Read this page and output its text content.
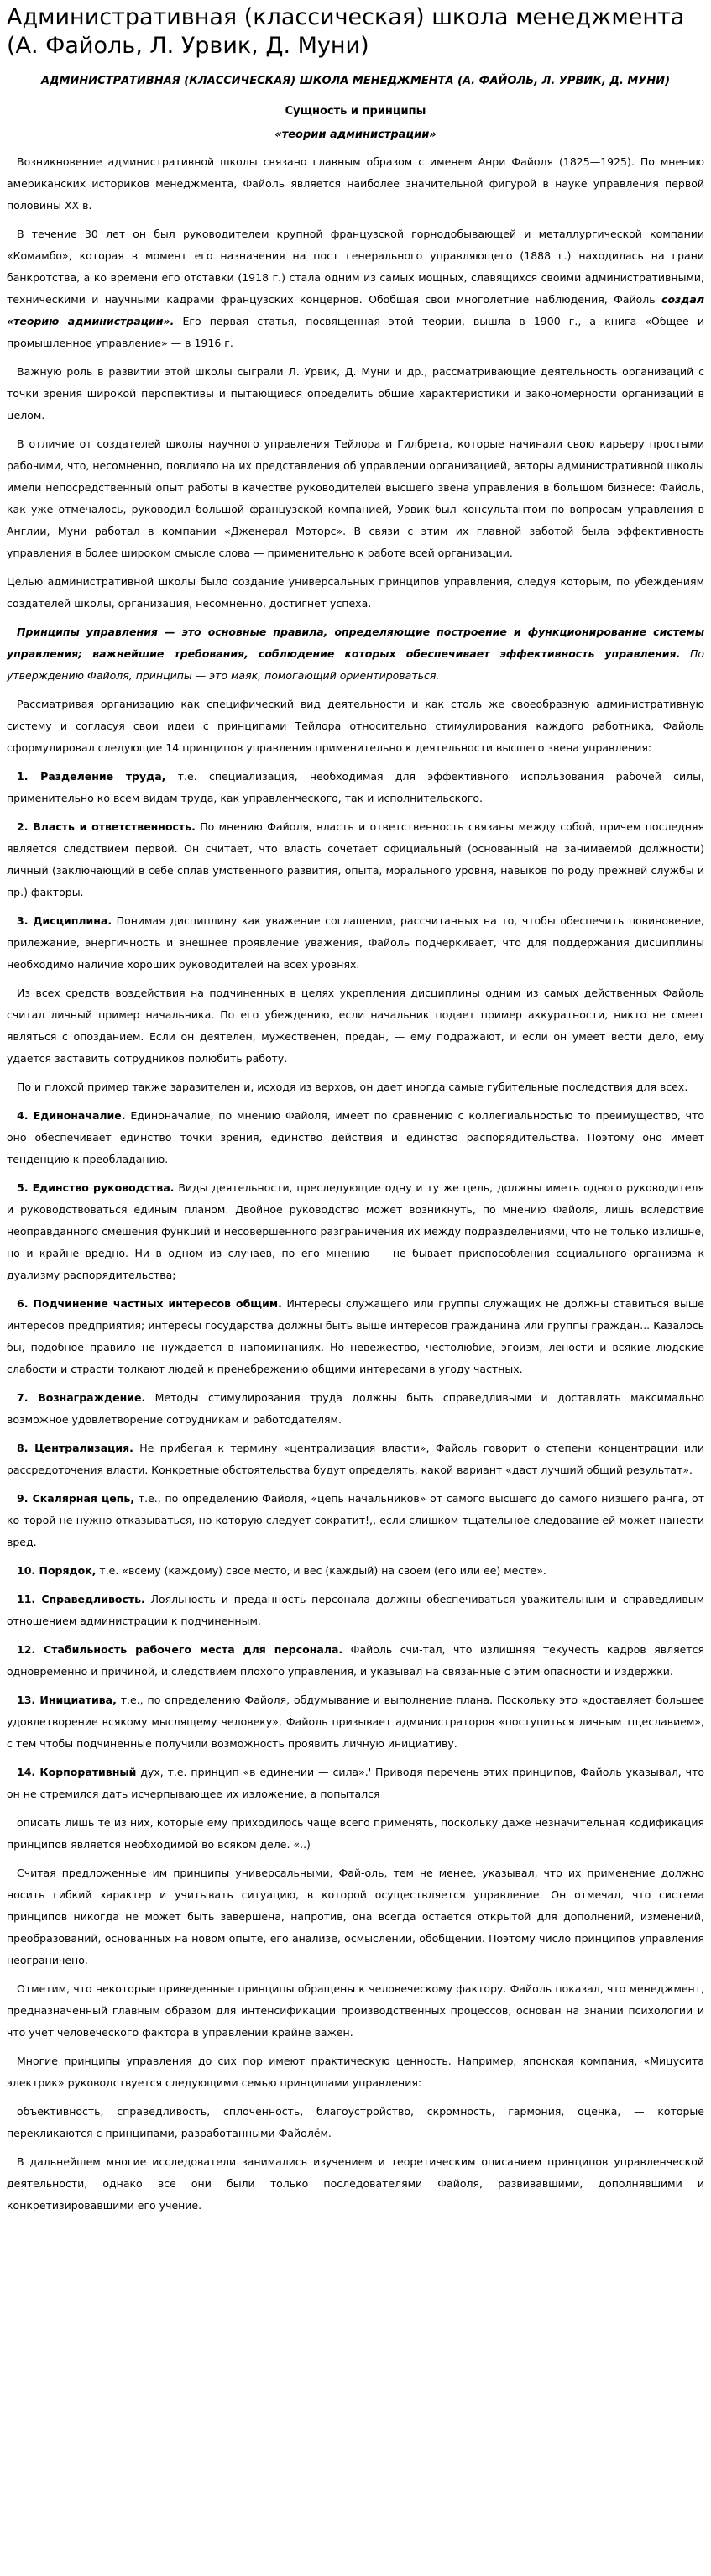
Административная (классическая) школа менеджмента (А. Файоль, Л. Урвик, Д. Муни)
АДМИНИСТРАТИВНАЯ (КЛАССИЧЕСКАЯ) ШКОЛА МЕНЕДЖМЕНТА (А. ФАЙОЛЬ, Л. УРВИК, Д. МУНИ)
Сущность и принципы
«теории администрации»

Возникновение административной школы связано главным образом с именем Анри Файоля (1825—1925). По мнению американских историков менеджмента, Файоль является наиболее значительной фигурой в науке управления первой половины XX в.

В течение 30 лет он был руководителем крупной французской горнодобывающей и металлургической компании «Комамбо», которая в момент его назначения на пост генерального управляющего (1888 г.) находилась на грани банкротства, а ко времени его отставки (1918 г.) стала одним из самых мощных, славящихся своими административными, техническими и научными кадрами французских концернов. Обобщая свои многолетние наблюдения, Файоль создал «теорию администрации». Его первая статья, посвященная этой теории, вышла в 1900 г., а книга «Общее и промышленное управление» — в 1916 г.

Важную роль в развитии этой школы сыграли Л. Урвик, Д. Муни и др., рассматривающие деятельность организаций с точки зрения широкой перспективы и пытающиеся определить общие характеристики и закономерности организаций в целом.

В отличие от создателей школы научного управления Тейлора и Гилбрета, которые начинали свою карьеру простыми рабочими, что, несомненно, повлияло на их представления об управлении организацией, авторы административной школы имели непосредственный опыт работы в качестве руководителей высшего звена управления в большом бизнесе: Файоль, как уже отмечалось, руководил большой французской компанией, Урвик был консультантом по вопросам управления в Англии, Муни работал в компании «Дженерал Моторс». В связи с этим их главной заботой была эффективность управления в более широком смысле слова — применительно к работе всей организации.

Целью административной школы было создание универсальных принципов управления, следуя которым, по убеждениям создателей школы, организация, несомненно, достигнет успеха.

Принципы управления — это основные правила, определяющие построение и функционирование системы управления; важнейшие требования, соблюдение которых обеспечивает эффективность управления. По утверждению Файоля, принципы — это маяк, помогающий ориентироваться.

Рассматривая организацию как специфический вид деятельности и как столь же своеобразную административную систему и согласуя свои идеи с принципами Тейлора относительно стимулирования каждого работника, Файоль сформулировал следующие 14 принципов управления применительно к деятельности высшего звена управления:

1. Разделение труда, т.е. специализация, необходимая для эффективного использования рабочей силы, применительно ко всем видам труда, как управленческого, так и исполнительского.

2. Власть и ответственность. По мнению Файоля, власть и ответственность связаны между собой, причем последняя является следствием первой. Он считает, что власть сочетает официальный (основанный на занимаемой должности) личный (заключающий в себе сплав умственного развития, опыта, морального уровня, навыков по роду прежней службы и пр.) факторы.

3. Дисциплина. Понимая дисциплину как уважение соглашении, рассчитанных на то, чтобы обеспечить повиновение, прилежание, энергичность и внешнее проявление уважения, Файоль подчеркивает, что для поддержания дисциплины необходимо наличие хороших руководителей на всех уровнях.

Из всех средств воздействия на подчиненных в целях укрепления дисциплины одним из самых действенных Файоль считал личный пример начальника. По его убеждению, если начальник подает пример аккуратности, никто не смеет являться с опозданием. Если он деятелен, мужественен, предан, — ему подражают, и если он умеет вести дело, ему удается заставить сотрудников полюбить работу.

По и плохой пример также заразителен и, исходя из верхов, он дает иногда самые губительные последствия для всех.

4. Единоначалие. Единоначалие, по мнению Файоля, имеет по сравнению с коллегиальностью то преимущество, что оно обеспечивает единство точки зрения, единство действия и единство распорядительства. Поэтому оно имеет тенденцию к преобладанию.

5. Единство руководства. Виды деятельности, преследующие одну и ту же цель, должны иметь одного руководителя и руководствоваться единым планом. Двойное руководство может возникнуть, по мнению Файоля, лишь вследствие неоправданного смешения функций и несовершенного разграничения их между подразделениями, что не только излишне, но и крайне вредно. Ни в одном из случаев, по его мнению — не бывает приспособления социального организма к дуализму распорядительства;

6. Подчинение частных интересов общим. Интересы служащего или группы служащих не должны ставиться выше интересов предприятия; интересы государства должны быть выше интересов гражданина или группы граждан... Казалось бы, подобное правило не нуждается в напоминаниях. Но невежество, честолюбие, эгоизм, лености и всякие людские слабости и страсти толкают людей к пренебрежению общими интересами в угоду частных.

7. Вознаграждение. Методы стимулирования труда должны быть справедливыми и доставлять максимально возможное удовлетворение сотрудникам и работодателям.

8. Централизация. Не прибегая к термину «централизация власти», Файоль говорит о степени концентрации или рассредоточения власти. Конкретные обстоятельства будут определять, какой вариант «даст лучший общий результат».

9. Скалярная цепь, т.е., по определению Файоля, «цепь начальников» от самого высшего до самого низшего ранга, от ко-торой не нужно отказываться, но которую следует сократит!,, если слишком тщательное следование ей может нанести вред.

10. Порядок, т.е. «всему (каждому) свое место, и вес (каждый) на своем (его или ее) месте».

11. Справедливость. Лояльность и преданность персонала должны обеспечиваться уважительным и справедливым отношением администрации к подчиненным.

12. Стабильность рабочего места для персонала. Файоль счи-тал, что излишняя текучесть кадров является одновременно и причиной, и следствием плохого управления, и указывал на связанные с этим опасности и издержки.

13. Инициатива, т.е., по определению Файоля, обдумывание и выполнение плана. Поскольку это «доставляет большее удовлетворение всякому мыслящему человеку», Файоль призывает администраторов «поступиться личным тщеславием», с тем чтобы подчиненные получили возможность проявить личную инициативу.

14. Корпоративный дух, т.е. принцип «в единении — сила».' Приводя перечень этих принципов, Файоль указывал, что он не стремился дать исчерпывающее их изложение, а попытался

описать лишь те из них, которые ему приходилось чаще всего применять, поскольку даже незначительная кодификация принципов является необходимой во всяком деле. «..)

Считая предложенные им принципы универсальными, Фай-оль, тем не менее, указывал, что их применение должно носить гибкий характер и учитывать ситуацию, в которой осуществляется управление. Он отмечал, что система принципов никогда не может быть завершена, напротив, она всегда остается открытой для дополнений, изменений, преобразований, основанных на новом опыте, его анализе, осмыслении, обобщении. Поэтому число принципов управления неограничено.

Отметим, что некоторые приведенные принципы обращены к человеческому фактору. Файоль показал, что менеджмент, предназначенный главным образом для интенсификации производственных процессов, основан на знании психологии и что учет человеческого фактора в управлении крайне важен.

Многие принципы управления до сих пор имеют практическую ценность. Например, японская компания, «Мицусита электрик» руководствуется следующими семью принципами управления:

объективность, справедливость, сплоченность, благоустройство, скромность, гармония, оценка, — которые перекликаются с принципами, разработанными Файолём.

В дальнейшем многие исследователи занимались изучением и теоретическим описанием принципов управленческой деятельности, однако все они были только последователями Файоля, развивавшими, дополнявшими и конкретизировавшими его учение.
